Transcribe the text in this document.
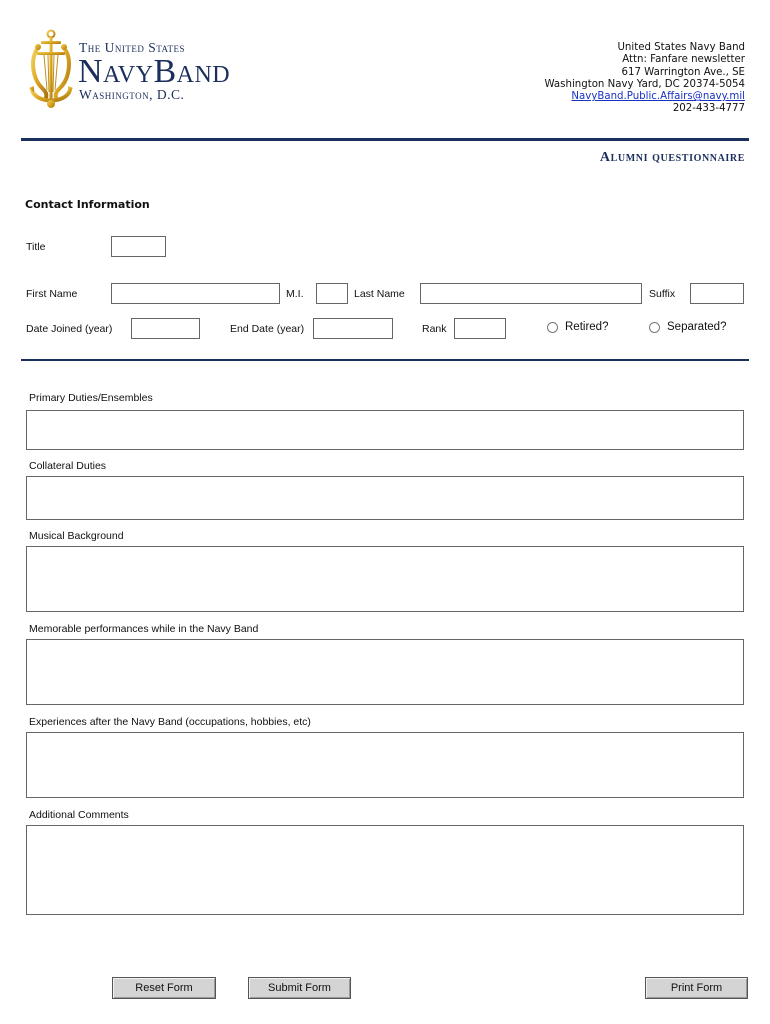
The United States
NavyBand
Washington, D.C.
United States Navy Band
Attn: Fanfare newsletter
617 Warrington Ave., SE
Washington Navy Yard, DC 20374-5054
NavyBand.Public.Affairs@navy.mil
202-433-4777
Alumni questionnaire
Contact Information
Title
First Name	M.I.	Last Name	Suffix
Date Joined (year)	End Date (year)	Rank	Retired?	Separated?
Primary Duties/Ensembles
Collateral Duties
Musical Background
Memorable performances while in the Navy Band
Experiences after the Navy Band (occupations, hobbies, etc)
Additional Comments
Reset Form	Submit Form	Print Form
